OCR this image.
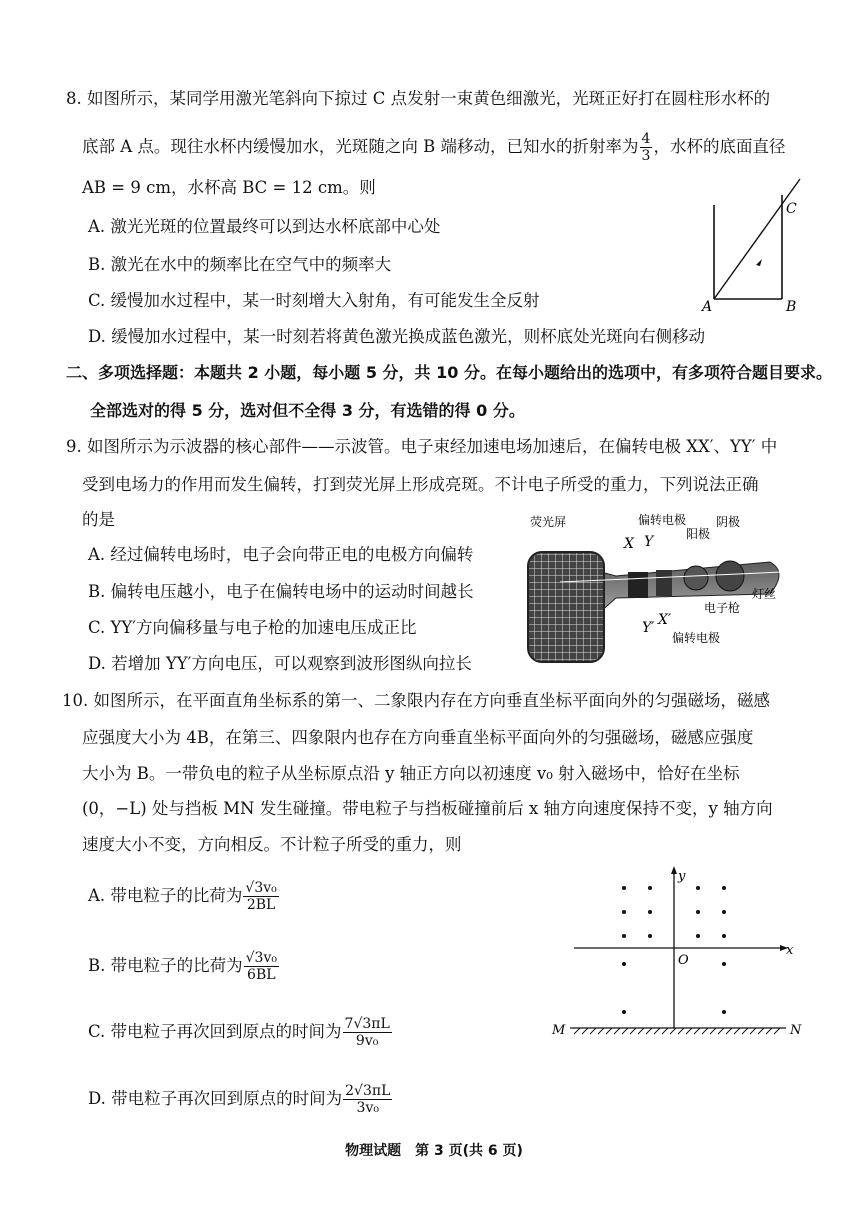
8. 如图所示，某同学用激光笔斜向下掠过 C 点发射一束黄色细激光，光斑正好打在圆柱形水杯的
底部 A 点。现往水杯内缓慢加水，光斑随之向 B 端移动，已知水的折射率为 $\frac{4}{3}$ ，水杯的底面直径
AB = 9 cm，水杯高 BC = 12 cm。则
A. 激光光斑的位置最终可以到达水杯底部中心处
B. 激光在水中的频率比在空气中的频率大
C. 缓慢加水过程中，某一时刻增大入射角，有可能发生全反射
D. 缓慢加水过程中，某一时刻若将黄色激光换成蓝色激光，则杯底处光斑向右侧移动
A	B
C
二、多项选择题：本题共 2 小题，每小题 5 分，共 10 分。在每小题给出的选项中，有多项符合题目要求。
全部选对的得 5 分，选对但不全得 3 分，有选错的得 0 分。
9. 如图所示为示波器的核心部件——示波管。电子束经加速电场加速后，在偏转电极 XX′、YY′ 中
受到电场力的作用而发生偏转，打到荧光屏上形成亮斑。不计电子所受的重力，下列说法正确
的是
A. 经过偏转电场时，电子会向带正电的电极方向偏转
B. 偏转电压越小，电子在偏转电场中的运动时间越长
C. YY′方向偏移量与电子枪的加速电压成正比
D. 若增加 YY′方向电压，可以观察到波形图纵向拉长
荧光屏	偏转电极
阳极
阴极
灯丝
电子枪
偏转电极
X Y
Y′ X′
10. 如图所示，在平面直角坐标系的第一、二象限内存在方向垂直坐标平面向外的匀强磁场，磁感
应强度大小为 4B，在第三、四象限内也存在方向垂直坐标平面向外的匀强磁场，磁感应强度
大小为 B。一带负电的粒子从坐标原点沿 y 轴正方向以初速度 v₀ 射入磁场中，恰好在坐标
(0，−L) 处与挡板 MN 发生碰撞。带电粒子与挡板碰撞前后 x 轴方向速度保持不变，y 轴方向
速度大小不变，方向相反。不计粒子所受的重力，则
A. 带电粒子的比荷为 $\frac{\text{√3v₀}}{2BL}$
B. 带电粒子的比荷为 $\frac{\text{√3v₀}}{6BL}$
C. 带电粒子再次回到原点的时间为 $\frac{7√3\pi L}{\text{9v₀}}$
D. 带电粒子再次回到原点的时间为 $\frac{2√3\pi L}{\text{3v₀}}$
y
x
O
M	N
物理试题　第 3 页(共 6 页)
